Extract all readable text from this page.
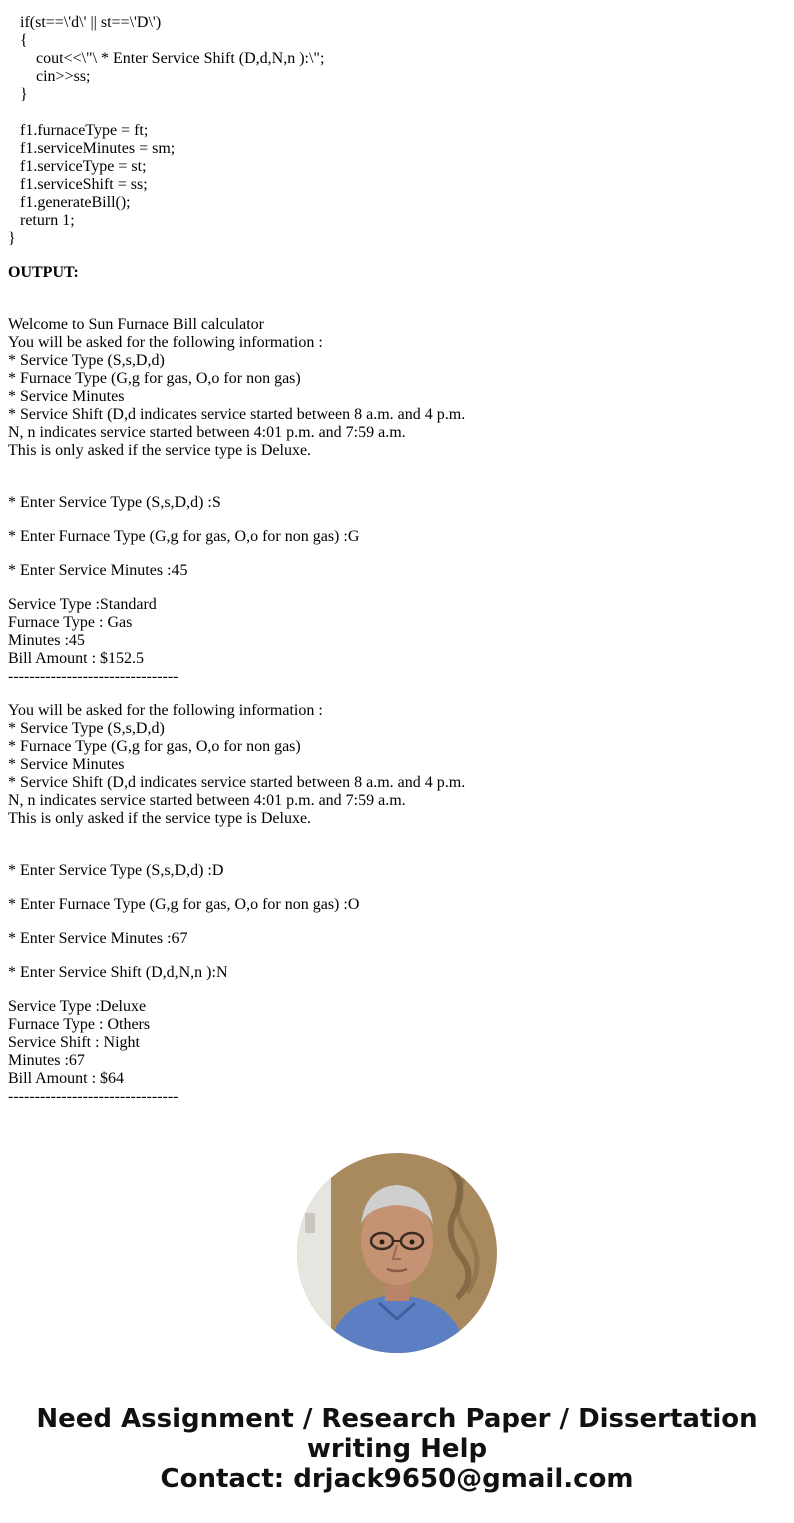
if(st==\'d\' || st==\'D\')
{
cout<<\"\ * Enter Service Shift (D,d,N,n ):\";
cin>>ss;
}
f1.furnaceType = ft;
f1.serviceMinutes = sm;
f1.serviceType = st;
f1.serviceShift = ss;
f1.generateBill();
return 1;
}
OUTPUT:
Welcome to Sun Furnace Bill calculator
You will be asked for the following information :
* Service Type (S,s,D,d)
* Furnace Type (G,g for gas, O,o for non gas)
* Service Minutes
* Service Shift (D,d indicates service started between 8 a.m. and 4 p.m.
N, n indicates service started between 4:01 p.m. and 7:59 a.m.
This is only asked if the service type is Deluxe.
* Enter Service Type (S,s,D,d) :S
* Enter Furnace Type (G,g for gas, O,o for non gas) :G
* Enter Service Minutes :45
Service Type :Standard
Furnace Type : Gas
Minutes :45
Bill Amount : $152.5
--------------------------------
You will be asked for the following information :
* Service Type (S,s,D,d)
* Furnace Type (G,g for gas, O,o for non gas)
* Service Minutes
* Service Shift (D,d indicates service started between 8 a.m. and 4 p.m.
N, n indicates service started between 4:01 p.m. and 7:59 a.m.
This is only asked if the service type is Deluxe.
* Enter Service Type (S,s,D,d) :D
* Enter Furnace Type (G,g for gas, O,o for non gas) :O
* Enter Service Minutes :67
* Enter Service Shift (D,d,N,n ):N
Service Type :Deluxe
Furnace Type : Others
Service Shift : Night
Minutes :67
Bill Amount : $64
--------------------------------
Need Assignment / Research Paper / Dissertation
writing Help
Contact: drjack9650@gmail.com
